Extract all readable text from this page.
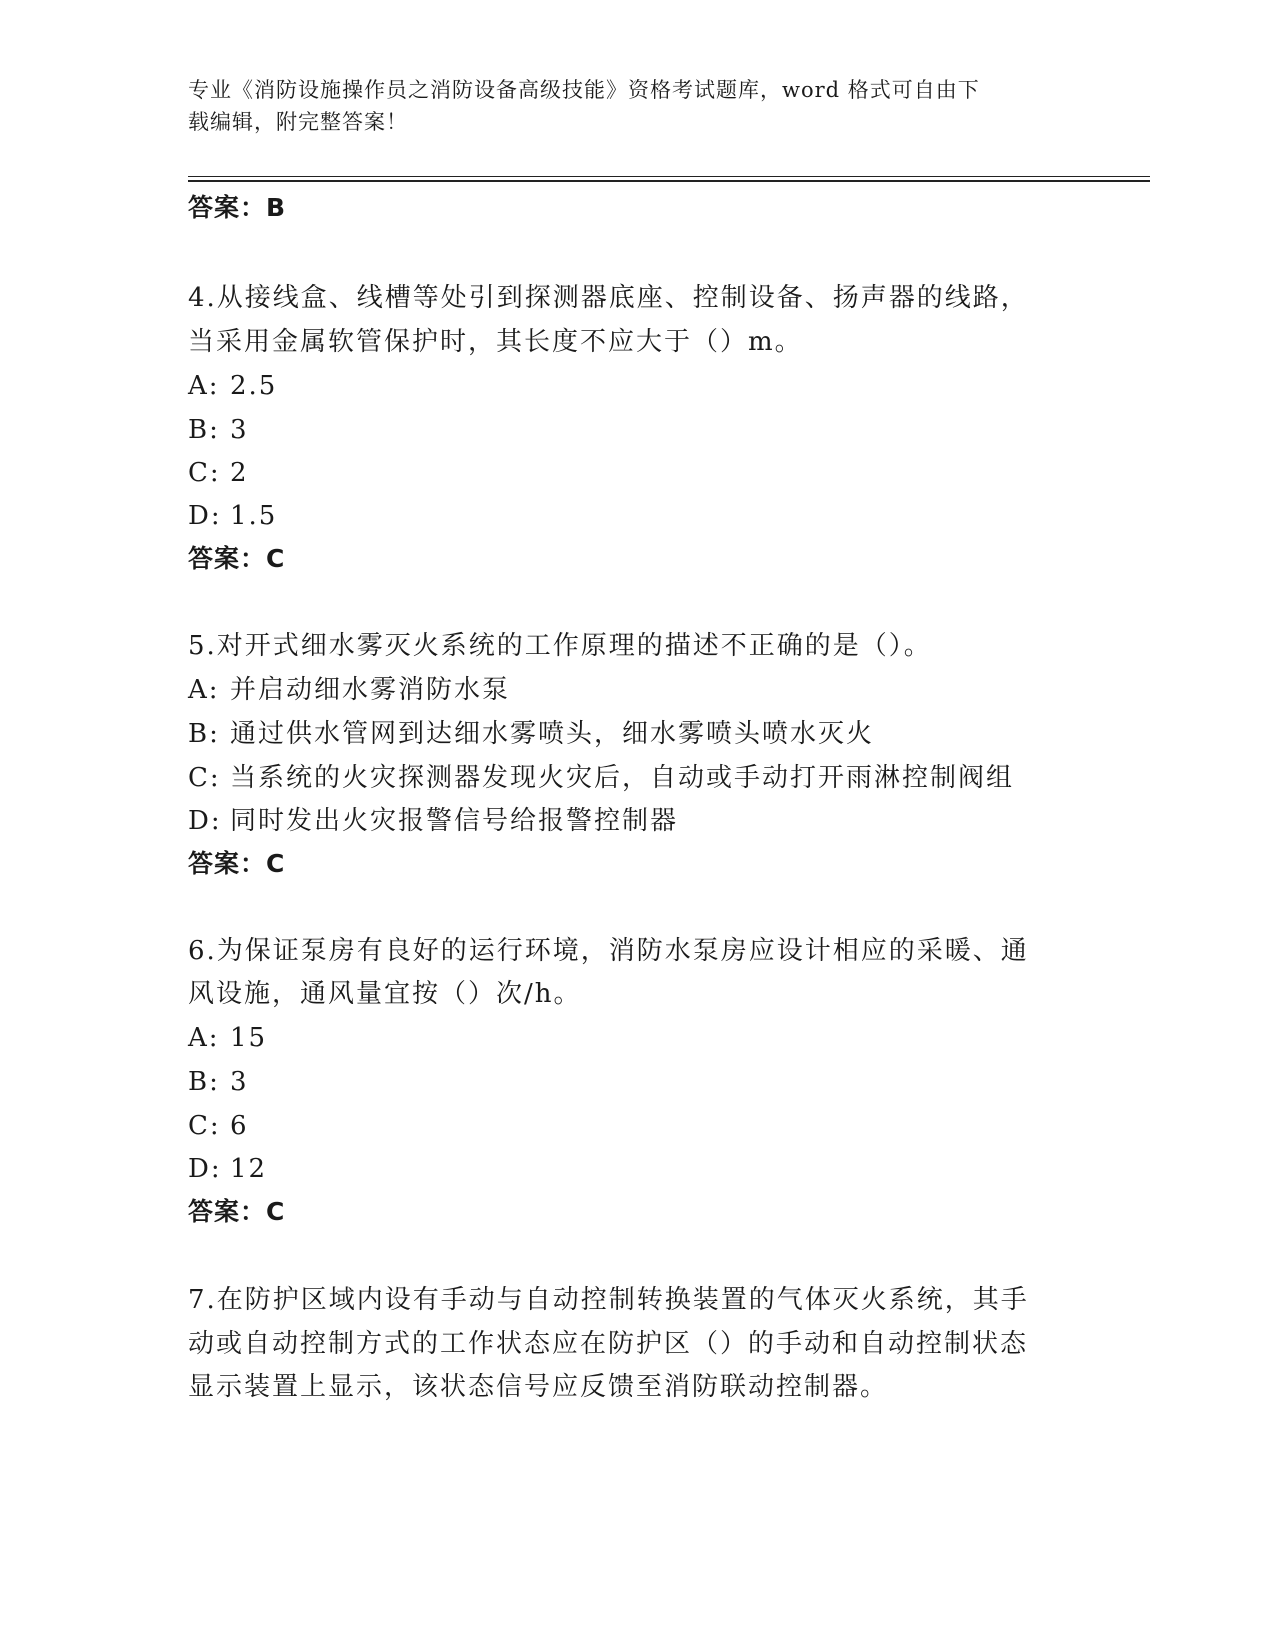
专业《消防设施操作员之消防设备高级技能》资格考试题库，word 格式可自由下
载编辑，附完整答案！
答案：B
4.从接线盒、线槽等处引到探测器底座、控制设备、扬声器的线路，
当采用金属软管保护时，其长度不应大于（）m。
A: 2.5
B: 3
C: 2
D: 1.5
答案：C
5.对开式细水雾灭火系统的工作原理的描述不正确的是（）。
A: 并启动细水雾消防水泵
B: 通过供水管网到达细水雾喷头，细水雾喷头喷水灭火
C: 当系统的火灾探测器发现火灾后，自动或手动打开雨淋控制阀组
D: 同时发出火灾报警信号给报警控制器
答案：C
6.为保证泵房有良好的运行环境，消防水泵房应设计相应的采暖、通
风设施，通风量宜按（）次/h。
A: 15
B: 3
C: 6
D: 12
答案：C
7.在防护区域内设有手动与自动控制转换装置的气体灭火系统，其手
动或自动控制方式的工作状态应在防护区（）的手动和自动控制状态
显示装置上显示，该状态信号应反馈至消防联动控制器。
